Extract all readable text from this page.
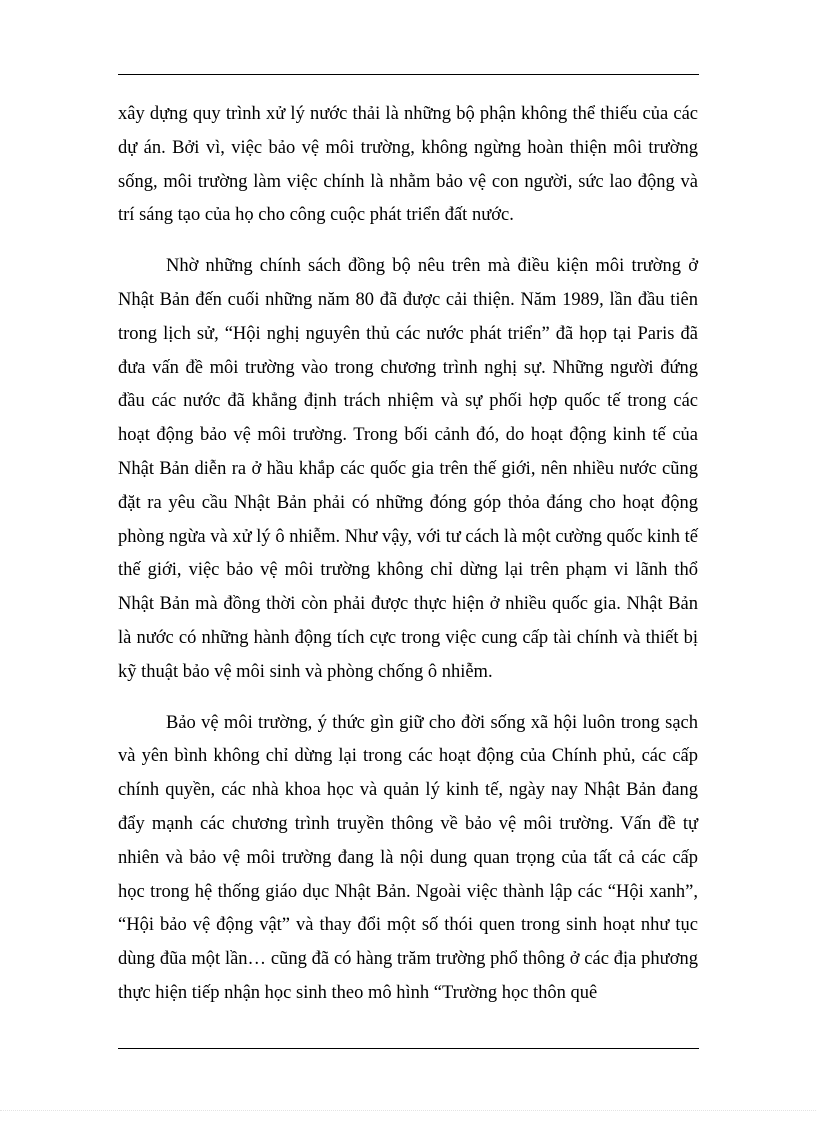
xây dựng quy trình xử lý nước thải là những bộ phận không thể thiếu của các dự án. Bởi vì, việc bảo vệ môi trường, không ngừng hoàn thiện môi trường sống, môi trường làm việc chính là nhằm bảo vệ con người, sức lao động và trí sáng tạo của họ cho công cuộc phát triển đất nước.

Nhờ những chính sách đồng bộ nêu trên mà điều kiện môi trường ở Nhật Bản đến cuối những năm 80 đã được cải thiện. Năm 1989, lần đầu tiên trong lịch sử, “Hội nghị nguyên thủ các nước phát triển” đã họp tại Paris đã đưa vấn đề môi trường vào trong chương trình nghị sự. Những người đứng đầu các nước đã khẳng định trách nhiệm và sự phối hợp quốc tế trong các hoạt động bảo vệ môi trường. Trong bối cảnh đó, do hoạt động kinh tế của Nhật Bản diễn ra ở hầu khắp các quốc gia trên thế giới, nên nhiều nước cũng đặt ra yêu cầu Nhật Bản phải có những đóng góp thỏa đáng cho hoạt động phòng ngừa và xử lý ô nhiễm. Như vậy, với tư cách là một cường quốc kinh tế thế giới, việc bảo vệ môi trường không chỉ dừng lại trên phạm vi lãnh thổ Nhật Bản mà đồng thời còn phải được thực hiện ở nhiều quốc gia. Nhật Bản là nước có những hành động tích cực trong việc cung cấp tài chính và thiết bị kỹ thuật bảo vệ môi sinh và phòng chống ô nhiễm.

Bảo vệ môi trường, ý thức gìn giữ cho đời sống xã hội luôn trong sạch và yên bình không chỉ dừng lại trong các hoạt động của Chính phủ, các cấp chính quyền, các nhà khoa học và quản lý kinh tế, ngày nay Nhật Bản đang đẩy mạnh các chương trình truyền thông về bảo vệ môi trường. Vấn đề tự nhiên và bảo vệ môi trường đang là nội dung quan trọng của tất cả các cấp học trong hệ thống giáo dục Nhật Bản. Ngoài việc thành lập các “Hội xanh”, “Hội bảo vệ động vật” và thay đổi một số thói quen trong sinh hoạt như tục dùng đũa một lần… cũng đã có hàng trăm trường phổ thông ở các địa phương thực hiện tiếp nhận học sinh theo mô hình “Trường học thôn quê
